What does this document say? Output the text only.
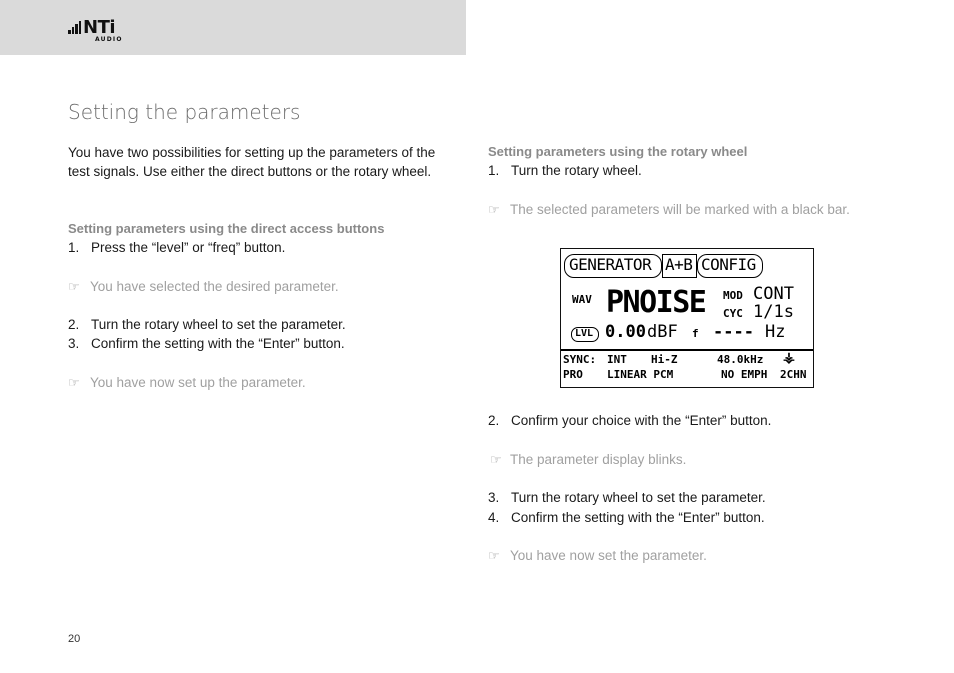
NTi
AUDIO
Setting the parameters
You have two possibilities for setting up the parameters of the
test signals. Use either the direct buttons or the rotary wheel.
Setting parameters using the direct access buttons
1. Press the “level” or “freq” button.
☞ You have selected the desired parameter.
2. Turn the rotary wheel to set the parameter.
3. Confirm the setting with the “Enter” button.
☞ You have now set up the parameter.
Setting parameters using the rotary wheel
1. Turn the rotary wheel.
☞ The selected parameters will be marked with a black bar.
GENERATOR A+B CONFIG
WAV PNOISE MOD CONT
CYC 1/1s
LVL 0.00 dBF f ---- Hz
SYNC: INT Hi-Z	48.0kHz ⚶
PRO LINEAR PCM	NO EMPH 2CHN
2. Confirm your choice with the “Enter” button.
☞ The parameter display blinks.
3. Turn the rotary wheel to set the parameter.
4. Confirm the setting with the “Enter” button.
☞ You have now set the parameter.
20
